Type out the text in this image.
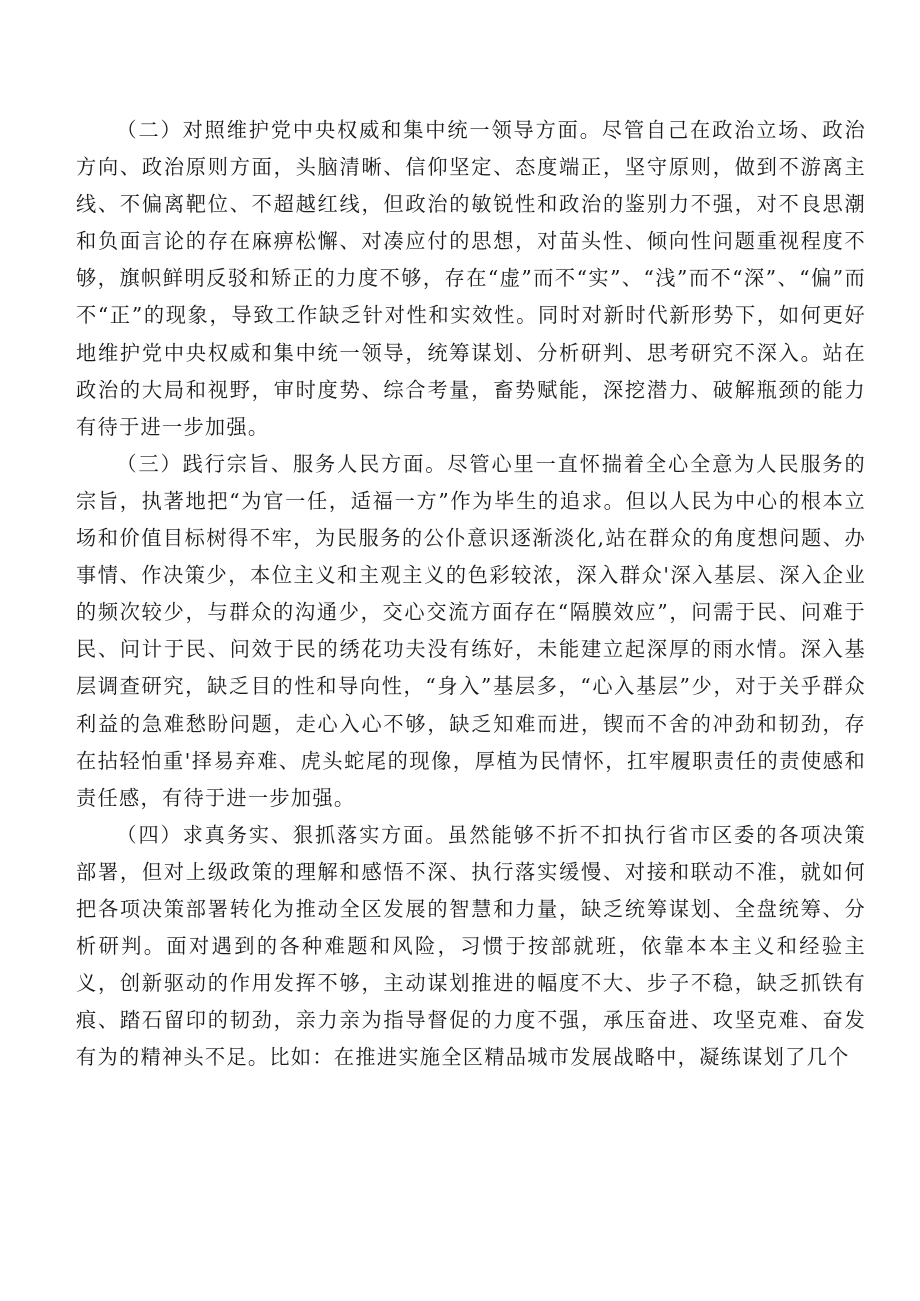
（二）对照维护党中央权威和集中统一领导方面。尽管自己在政治立场、政治方向、政治原则方面，头脑清晰、信仰坚定、态度端正，坚守原则，做到不游离主线、不偏离靶位、不超越红线，但政治的敏锐性和政治的鉴别力不强，对不良思潮和负面言论的存在麻痹松懈、对凑应付的思想，对苗头性、倾向性问题重视程度不够，旗帜鲜明反驳和矫正的力度不够，存在“虚”而不“实”、“浅”而不“深”、“偏”而不“正”的现象，导致工作缺乏针对性和实效性。同时对新时代新形势下，如何更好地维护党中央权威和集中统一领导，统筹谋划、分析研判、思考研究不深入。站在政治的大局和视野，审时度势、综合考量，畜势赋能，深挖潜力、破解瓶颈的能力有待于进一步加强。

（三）践行宗旨、服务人民方面。尽管心里一直怀揣着全心全意为人民服务的宗旨，执著地把“为官一任，适福一方”作为毕生的追求。但以人民为中心的根本立场和价值目标树得不牢，为民服务的公仆意识逐渐淡化,站在群众的角度想问题、办事情、作决策少，本位主义和主观主义的色彩较浓，深入群众'深入基层、深入企业的频次较少，与群众的沟通少，交心交流方面存在“隔膜效应”，问需于民、问难于民、问计于民、问效于民的绣花功夫没有练好，未能建立起深厚的雨水情。深入基层调查研究，缺乏目的性和导向性，“身入”基层多，“心入基层”少，对于关乎群众利益的急难愁盼问题，走心入心不够，缺乏知难而进，锲而不舍的冲劲和韧劲，存在拈轻怕重'择易弃难、虎头蛇尾的现像，厚植为民情怀，扛牢履职责任的责使感和责任感，有待于进一步加强。

（四）求真务实、狠抓落实方面。虽然能够不折不扣执行省市区委的各项决策部署，但对上级政策的理解和感悟不深、执行落实缓慢、对接和联动不准，就如何把各项决策部署转化为推动全区发展的智慧和力量，缺乏统筹谋划、全盘统筹、分析研判。面对遇到的各种难题和风险，习惯于按部就班，依靠本本主义和经验主义，创新驱动的作用发挥不够，主动谋划推进的幅度不大、步子不稳，缺乏抓铁有痕、踏石留印的韧劲，亲力亲为指导督促的力度不强，承压奋进、攻坚克难、奋发有为的精神头不足。比如：在推进实施全区精品城市发展战略中，凝练谋划了几个
